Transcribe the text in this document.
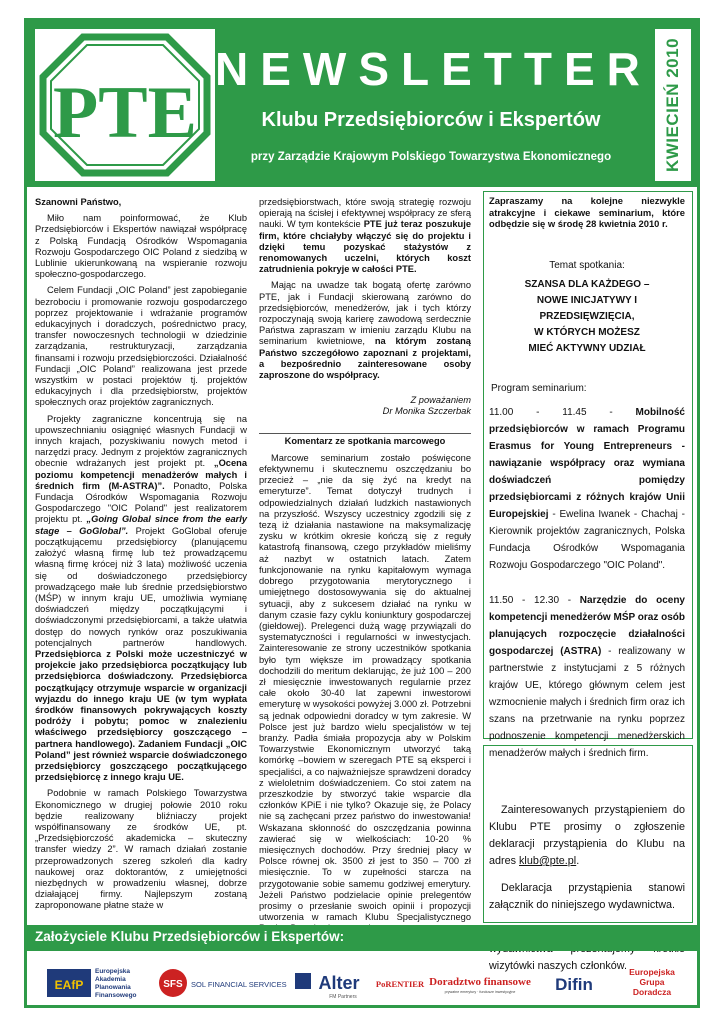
PTE
NEWSLETTER
Klubu Przedsiębiorców i Ekspertów
przy Zarządzie Krajowym Polskiego Towarzystwa Ekonomicznego	KWIECIEŃ 2010

Szanowni Państwo,

Miło nam poinformować, że Klub Przedsiębiorców i Ekspertów nawiązał współpracę z Polską Fundacją Ośrodków Wspomagania Rozwoju Gospodarczego OIC Poland z siedzibą w Lublinie ukierunkowaną na wspieranie rozwoju społeczno-gospodarczego.

Celem Fundacji „OIC Poland” jest zapobieganie bezrobociu i promowanie rozwoju gospodarczego poprzez projektowanie i wdrażanie programów edukacyjnych i doradczych, pośrednictwo pracy, transfer nowoczesnych technologii w dziedzinie zarządzania, restrukturyzacji, zarządzania finansami i rozwoju przedsiębiorczości. Działalność Fundacji „OIC Poland” realizowana jest przede wszystkim w postaci projektów tj. projektów edukacyjnych i dla przedsiębiorstw, projektów społecznych oraz projektów zagranicznych.

Projekty zagraniczne koncentrują się na upowszechnianiu osiągnięć własnych Fundacji w innych krajach, pozyskiwaniu nowych metod i narzędzi pracy. Jednym z projektów zagranicznych obecnie wdrażanych jest projekt pt. „Ocena poziomu kompetencji menadżerów małych i średnich firm (M-ASTRA)”. Ponadto, Polska Fundacja Ośrodków Wspomagania Rozwoju Gospodarczego "OIC Poland" jest realizatorem projektu pt. „Going Global since from the early stage – GoGlobal”. Projekt GoGlobal oferuje początkującemu przedsiębiorcy (planującemu założyć własną firmę lub też prowadzącemu własną firmę krócej niż 3 lata) możliwość uczenia się od doświadczonego przedsiębiorcy prowadzącego małe lub średnie przedsiębiorstwo (MŚP) w innym kraju UE, umożliwia wymianę doświadczeń między początkującymi i doświadczonymi przedsiębiorcami, a także ułatwia dostęp do nowych rynków oraz poszukiwania potencjalnych partnerów handlowych. Przedsiębiorca z Polski może uczestniczyć w projekcie jako przedsiębiorca początkujący lub przedsiębiorca doświadczony. Przedsiębiorca początkujący otrzymuje wsparcie w organizacji wyjazdu do innego kraju UE (w tym wypłata środków finansowych pokrywających koszty podróży i pobytu; pomoc w znalezieniu właściwego przedsiębiorcy goszczącego – partnera handlowego). Zadaniem Fundacji „OIC Poland” jest również wsparcie doświadczonego przedsiębiorcy goszczącego początkującego przedsiębiorcę z innego kraju UE.

Podobnie w ramach Polskiego Towarzystwa Ekonomicznego w drugiej połowie 2010 roku będzie realizowany bliźniaczy projekt współfinansowany ze środków UE, pt. „Przedsiębiorczość akademicka – skuteczny transfer wiedzy 2”. W ramach działań zostanie przeprowadzonych szereg szkoleń dla kadry naukowej oraz doktorantów, z umiejętności niezbędnych w prowadzeniu własnej, dobrze działającej firmy. Najlepszym zostaną zaproponowane płatne staże w

przedsiębiorstwach, które swoją strategię rozwoju opierają na ścisłej i efektywnej współpracy ze sferą nauki. W tym kontekście PTE już teraz poszukuje firm, które chciałyby włączyć się do projektu i dzięki temu pozyskać stażystów z renomowanych uczelni, których koszt zatrudnienia pokryje w całości PTE.

Mając na uwadze tak bogatą ofertę zarówno PTE, jak i Fundacji skierowaną zarówno do przedsiębiorców, menedżerów, jak i tych którzy rozpoczynają swoją karierę zawodową serdecznie Państwa zapraszam w imieniu zarządu Klubu na seminarium kwietniowe, na którym zostaną Państwo szczegółowo zapoznani z projektami, a bezpośrednio zainteresowane osoby zaproszone do współpracy.

Z poważaniem

Dr Monika Szczerbak

Komentarz ze spotkania marcowego

Marcowe seminarium zostało poświęcone efektywnemu i skutecznemu oszczędzaniu bo przecież – „nie da się żyć na kredyt na emeryturze”. Temat dotyczył trudnych i odpowiedzialnych działań ludzkich nastawionych na przyszłość. Wszyscy uczestnicy zgodzili się z tezą iż działania nastawione na maksymalizację zysku w krótkim okresie kończą się z reguły katastrofą finansową, czego przykładów mieliśmy aż nazbyt w ostatnich latach. Zatem funkcjonowanie na rynku kapitałowym wymaga dobrego przygotowania merytorycznego i umiejętnego dostosowywania się do aktualnej sytuacji, aby z sukcesem działać na rynku w danym czasie fazy cyklu koniunktury gospodarczej (giełdowej). Prelegenci dużą wagę przywiązali do systematyczności i regularności w inwestycjach. Zainteresowanie ze strony uczestników spotkania było tym większe im prowadzący spotkania dochodzili do meritum deklarując, że już 100 – 200 zł miesięcznie inwestowanych regularnie przez całe około 30-40 lat zapewni inwestorowi emeryturę w wysokości powyżej 3.000 zł. Potrzebni są jednak odpowiedni doradcy w tym zakresie. W Polsce jest już bardzo wielu specjalistów w tej branży. Padła śmiała propozycja aby w Polskim Towarzystwie Ekonomicznym utworzyć taką komórkę –bowiem w szeregach PTE są eksperci i specjaliści, a co najważniejsze sprawdzeni doradcy z wieloletnim doświadczeniem. Co stoi zatem na przeszkodzie by stworzyć takie wsparcie dla członków KPiE i nie tylko? Okazuje się, że Polacy nie są zachęcani przez państwo do inwestowania! Wskazana skłonność do oszczędzania powinna zawierać się w wielkościach: 10-20 % miesięcznych dochodów. Przy średniej płacy w Polsce równej ok. 3500 zł jest to 350 – 700 zł miesięcznie. To w zupełności starcza na przygotowanie sobie samemu godziwej emerytury. Jeżeli Państwo podzielacie opinie prelegentów prosimy o przesłanie swoich opinii i propozycji utworzenia w ramach Klubu Specjalistycznego

Zapraszamy na kolejne niezwykle atrakcyjne i ciekawe seminarium, które odbędzie się w środę 28 kwietnia 2010 r.
Temat spotkania:
SZANSA DLA KAŻDEGO –
NOWE INICJATYWY I
PRZEDSIĘWZIĘCIA,
W KTÓRYCH MOŻESZ
MIEĆ AKTYWNY UDZIAŁ
Program seminarium:
11.00 - 11.45 - Mobilność przedsiębiorców w ramach Programu Erasmus for Young Entrepreneurs - nawiązanie współpracy oraz wymiana doświadczeń pomiędzy przedsiębiorcami z różnych krajów Unii Europejskiej - Ewelina Iwanek - Chachaj - Kierownik projektów zagranicznych, Polska Fundacja Ośrodków Wspomagania Rozwoju Gospodarczego "OIC Poland".
11.50 - 12.30 - Narzędzie do oceny kompetencji menedżerów MŚP oraz osób planujących rozpoczęcie działalności gospodarczej (ASTRA) - realizowany w partnerstwie z instytucjami z 5 różnych krajów UE, którego głównym celem jest wzmocnienie małych i średnich firm oraz ich szans na przetrwanie na rynku poprzez podnoszenie kompetencji menedżerskich menadżerów małych i średnich firm.

Zainteresowanych przystąpieniem do Klubu PTE prosimy o zgłoszenie deklaracji przystąpienia do Klubu na adres klub@pte.pl.

Deklaracja przystąpienia stanowi załącznik do niniejszego wydawnictwa.

wizytówki naszych członków.

Założyciele Klubu Przedsiębiorców i Ekspertów:
EAfP
Europejska
Akademia
Planowania
Finansowego
SFS SOL FINANCIAL SERVICES Alter
FM Partners
PoRENTIER Doradztwo finansowe
prywatne emerytury · fundusze inwestycyjne Difin
Europejska
Grupa
Doradcza
